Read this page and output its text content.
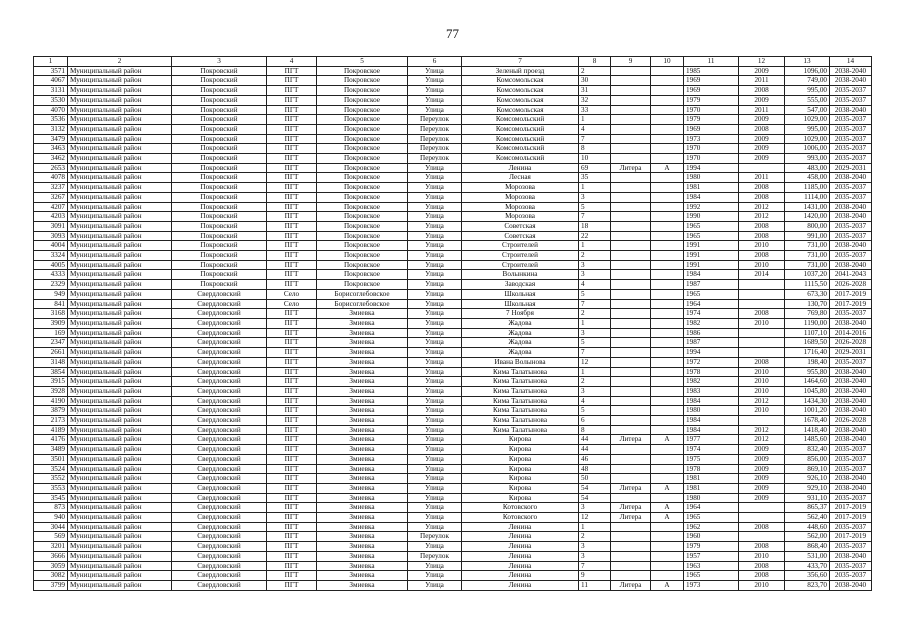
77
1	2	3	4	5	6	7	8	9	10	11	12	13	14
3571	Муниципальный район	Покровский	ПГТ	Покровское	Улица	Зеленый проезд	2			1985	2009	1096,00	2038-2040
4067	Муниципальный район	Покровский	ПГТ	Покровское	Улица	Комсомольская	30			1969	2011	749,00	2038-2040
3131	Муниципальный район	Покровский	ПГТ	Покровское	Улица	Комсомольская	31			1969	2008	995,00	2035-2037
3530	Муниципальный район	Покровский	ПГТ	Покровское	Улица	Комсомольская	32			1979	2009	555,00	2035-2037
4070	Муниципальный район	Покровский	ПГТ	Покровское	Улица	Комсомольская	33			1970	2011	547,00	2038-2040
3536	Муниципальный район	Покровский	ПГТ	Покровское	Переулок	Комсомольский	1			1979	2009	1029,00	2035-2037
3132	Муниципальный район	Покровский	ПГТ	Покровское	Переулок	Комсомольский	4			1969	2008	995,00	2035-2037
3479	Муниципальный район	Покровский	ПГТ	Покровское	Переулок	Комсомольский	7			1973	2009	1029,00	2035-2037
3463	Муниципальный район	Покровский	ПГТ	Покровское	Переулок	Комсомольский	8			1970	2009	1006,00	2035-2037
3462	Муниципальный район	Покровский	ПГТ	Покровское	Переулок	Комсомольский	10			1970	2009	993,00	2035-2037
2653	Муниципальный район	Покровский	ПГТ	Покровское	Улица	Ленина	69	Литера	А	1994		483,00	2029-2031
4078	Муниципальный район	Покровский	ПГТ	Покровское	Улица	Лесная	35			1980	2011	458,00	2038-2040
3237	Муниципальный район	Покровский	ПГТ	Покровское	Улица	Морозова	1			1981	2008	1185,00	2035-2037
3267	Муниципальный район	Покровский	ПГТ	Покровское	Улица	Морозова	3			1984	2008	1114,00	2035-2037
4207	Муниципальный район	Покровский	ПГТ	Покровское	Улица	Морозова	5			1992	2012	1431,00	2038-2040
4203	Муниципальный район	Покровский	ПГТ	Покровское	Улица	Морозова	7			1990	2012	1420,00	2038-2040
3091	Муниципальный район	Покровский	ПГТ	Покровское	Улица	Советская	18			1965	2008	800,00	2035-2037
3093	Муниципальный район	Покровский	ПГТ	Покровское	Улица	Советская	22			1965	2008	991,00	2035-2037
4004	Муниципальный район	Покровский	ПГТ	Покровское	Улица	Строителей	1			1991	2010	731,00	2038-2040
3324	Муниципальный район	Покровский	ПГТ	Покровское	Улица	Строителей	2			1991	2008	731,00	2035-2037
4005	Муниципальный район	Покровский	ПГТ	Покровское	Улица	Строителей	3			1991	2010	731,00	2038-2040
4333	Муниципальный район	Покровский	ПГТ	Покровское	Улица	Волынкина	3			1984	2014	1037,20	2041-2043
2329	Муниципальный район	Покровский	ПГТ	Покровское	Улица	Заводская	4			1987		1115,50	2026-2028
949	Муниципальный район	Свердловский	Село	Борисоглебовское	Улица	Школьная	5			1965		673,30	2017-2019
841	Муниципальный район	Свердловский	Село	Борисоглебовское	Улица	Школьная	7			1964		130,70	2017-2019
3168	Муниципальный район	Свердловский	ПГТ	Змиевка	Улица	7 Ноября	2			1974	2008	769,80	2035-2037
3909	Муниципальный район	Свердловский	ПГТ	Змиевка	Улица	Жадова	1			1982	2010	1190,00	2038-2040
169	Муниципальный район	Свердловский	ПГТ	Змиевка	Улица	Жадова	3			1986		1107,10	2014-2016
2347	Муниципальный район	Свердловский	ПГТ	Змиевка	Улица	Жадова	5			1987		1689,50	2026-2028
2661	Муниципальный район	Свердловский	ПГТ	Змиевка	Улица	Жадова	7			1994		1716,40	2029-2031
3148	Муниципальный район	Свердловский	ПГТ	Змиевка	Улица	Ивана Волынова	12			1972	2008	198,40	2035-2037
3854	Муниципальный район	Свердловский	ПГТ	Змиевка	Улица	Кима Талатынова	1			1978	2010	955,80	2038-2040
3915	Муниципальный район	Свердловский	ПГТ	Змиевка	Улица	Кима Талатынова	2			1982	2010	1464,60	2038-2040
3928	Муниципальный район	Свердловский	ПГТ	Змиевка	Улица	Кима Талатынова	3			1983	2010	1045,80	2038-2040
4190	Муниципальный район	Свердловский	ПГТ	Змиевка	Улица	Кима Талатынова	4			1984	2012	1434,30	2038-2040
3879	Муниципальный район	Свердловский	ПГТ	Змиевка	Улица	Кима Талатынова	5			1980	2010	1001,20	2038-2040
2173	Муниципальный район	Свердловский	ПГТ	Змиевка	Улица	Кима Талатынова	6			1984		1678,40	2026-2028
4189	Муниципальный район	Свердловский	ПГТ	Змиевка	Улица	Кима Талатынова	8			1984	2012	1418,40	2038-2040
4176	Муниципальный район	Свердловский	ПГТ	Змиевка	Улица	Кирова	44	Литера	А	1977	2012	1485,60	2038-2040
3489	Муниципальный район	Свердловский	ПГТ	Змиевка	Улица	Кирова	44			1974	2009	832,40	2035-2037
3501	Муниципальный район	Свердловский	ПГТ	Змиевка	Улица	Кирова	46			1975	2009	856,00	2035-2037
3524	Муниципальный район	Свердловский	ПГТ	Змиевка	Улица	Кирова	48			1978	2009	869,10	2035-2037
3552	Муниципальный район	Свердловский	ПГТ	Змиевка	Улица	Кирова	50			1981	2009	926,10	2038-2040
3553	Муниципальный район	Свердловский	ПГТ	Змиевка	Улица	Кирова	54	Литера	А	1981	2009	929,10	2038-2040
3545	Муниципальный район	Свердловский	ПГТ	Змиевка	Улица	Кирова	54			1980	2009	931,10	2035-2037
873	Муниципальный район	Свердловский	ПГТ	Змиевка	Улица	Котовского	3	Литера	А	1964		865,37	2017-2019
940	Муниципальный район	Свердловский	ПГТ	Змиевка	Улица	Котовского	12	Литера	А	1965		562,40	2017-2019
3044	Муниципальный район	Свердловский	ПГТ	Змиевка	Улица	Ленина	1			1962	2008	448,60	2035-2037
569	Муниципальный район	Свердловский	ПГТ	Змиевка	Переулок	Ленина	2			1960		562,00	2017-2019
3201	Муниципальный район	Свердловский	ПГТ	Змиевка	Улица	Ленина	3			1979	2008	868,40	2035-2037
3666	Муниципальный район	Свердловский	ПГТ	Змиевка	Переулок	Ленина	3			1957	2010	531,00	2038-2040
3059	Муниципальный район	Свердловский	ПГТ	Змиевка	Улица	Ленина	7			1963	2008	433,70	2035-2037
3082	Муниципальный район	Свердловский	ПГТ	Змиевка	Улица	Ленина	9			1965	2008	356,60	2035-2037
3799	Муниципальный район	Свердловский	ПГТ	Змиевка	Улица	Ленина	11	Литера	А	1973	2010	823,70	2038-2040
